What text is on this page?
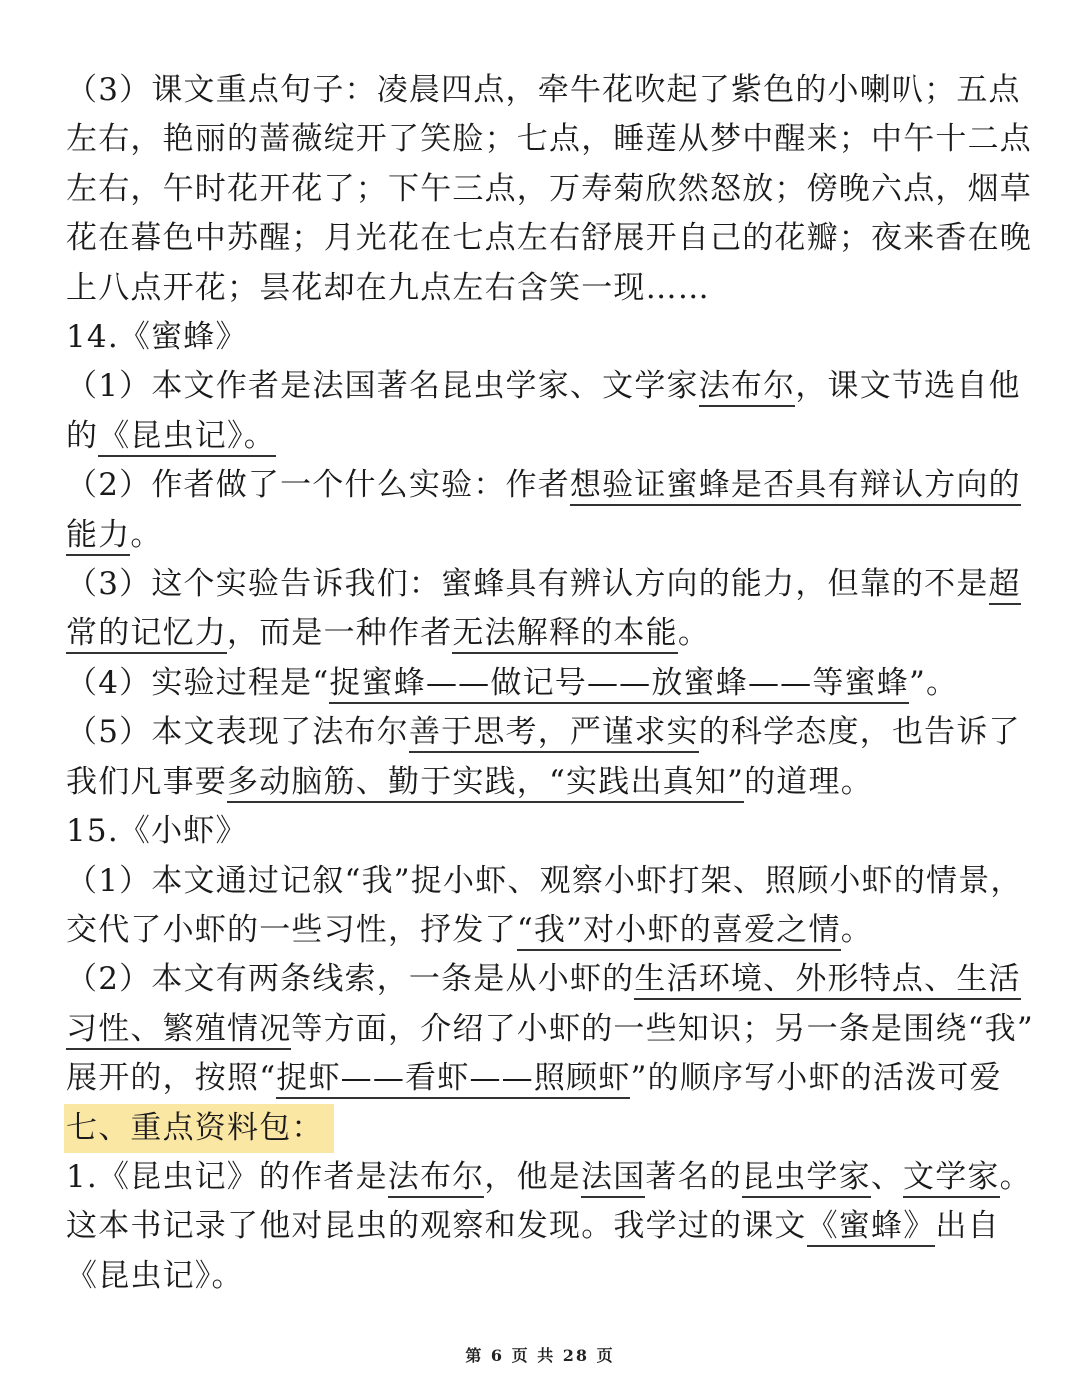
（3）课文重点句子：凌晨四点，牵牛花吹起了紫色的小喇叭；五点
左右，艳丽的蔷薇绽开了笑脸；七点，睡莲从梦中醒来；中午十二点
左右，午时花开花了；下午三点，万寿菊欣然怒放；傍晚六点，烟草
花在暮色中苏醒；月光花在七点左右舒展开自己的花瓣；夜来香在晚
上八点开花；昙花却在九点左右含笑一现……
14.《蜜蜂》
（1）本文作者是法国著名昆虫学家、文学家法布尔，课文节选自他
的《昆虫记》。
（2）作者做了一个什么实验：作者想验证蜜蜂是否具有辩认方向的
能力。
（3）这个实验告诉我们：蜜蜂具有辨认方向的能力，但靠的不是超
常的记忆力，而是一种作者无法解释的本能。
（4）实验过程是“捉蜜蜂——做记号——放蜜蜂——等蜜蜂”。
（5）本文表现了法布尔善于思考，严谨求实的科学态度，也告诉了
我们凡事要多动脑筋、勤于实践，“实践出真知”的道理。
15.《小虾》
（1）本文通过记叙“我”捉小虾、观察小虾打架、照顾小虾的情景，
交代了小虾的一些习性，抒发了“我”对小虾的喜爱之情。
（2）本文有两条线索，一条是从小虾的生活环境、外形特点、生活
习性、繁殖情况等方面，介绍了小虾的一些知识；另一条是围绕“我”
展开的，按照“捉虾——看虾——照顾虾”的顺序写小虾的活泼可爱
七、重点资料包：
1.《昆虫记》的作者是法布尔，他是法国著名的昆虫学家、文学家。
这本书记录了他对昆虫的观察和发现。我学过的课文《蜜蜂》出自
《昆虫记》。
第 6 页 共 28 页
